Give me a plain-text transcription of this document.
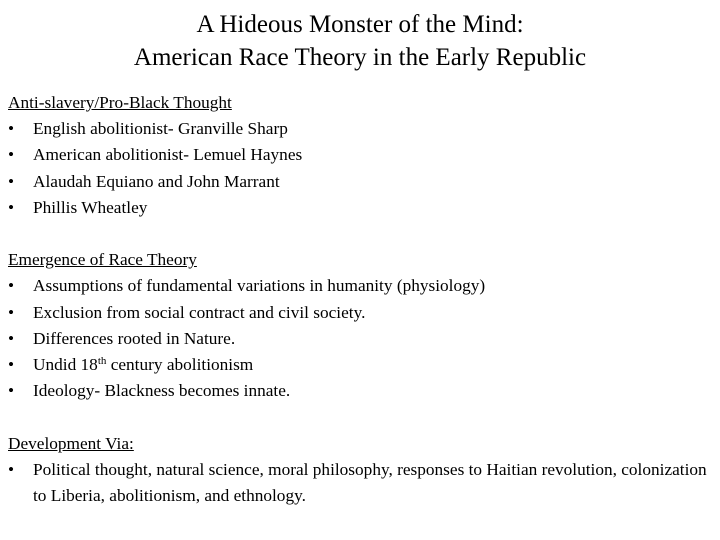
A Hideous Monster of the Mind:
American Race Theory in the Early Republic
Anti-slavery/Pro-Black Thought
• English abolitionist- Granville Sharp
• American abolitionist- Lemuel Haynes
• Alaudah Equiano and John Marrant
• Phillis Wheatley
Emergence of Race Theory
• Assumptions of fundamental variations in humanity (physiology)
• Exclusion from social contract and civil society.
• Differences rooted in Nature.
• Undid 18th century abolitionism
• Ideology- Blackness becomes innate.
Development Via:
• Political thought, natural science, moral philosophy, responses to Haitian revolution, colonization to Liberia, abolitionism, and ethnology.
